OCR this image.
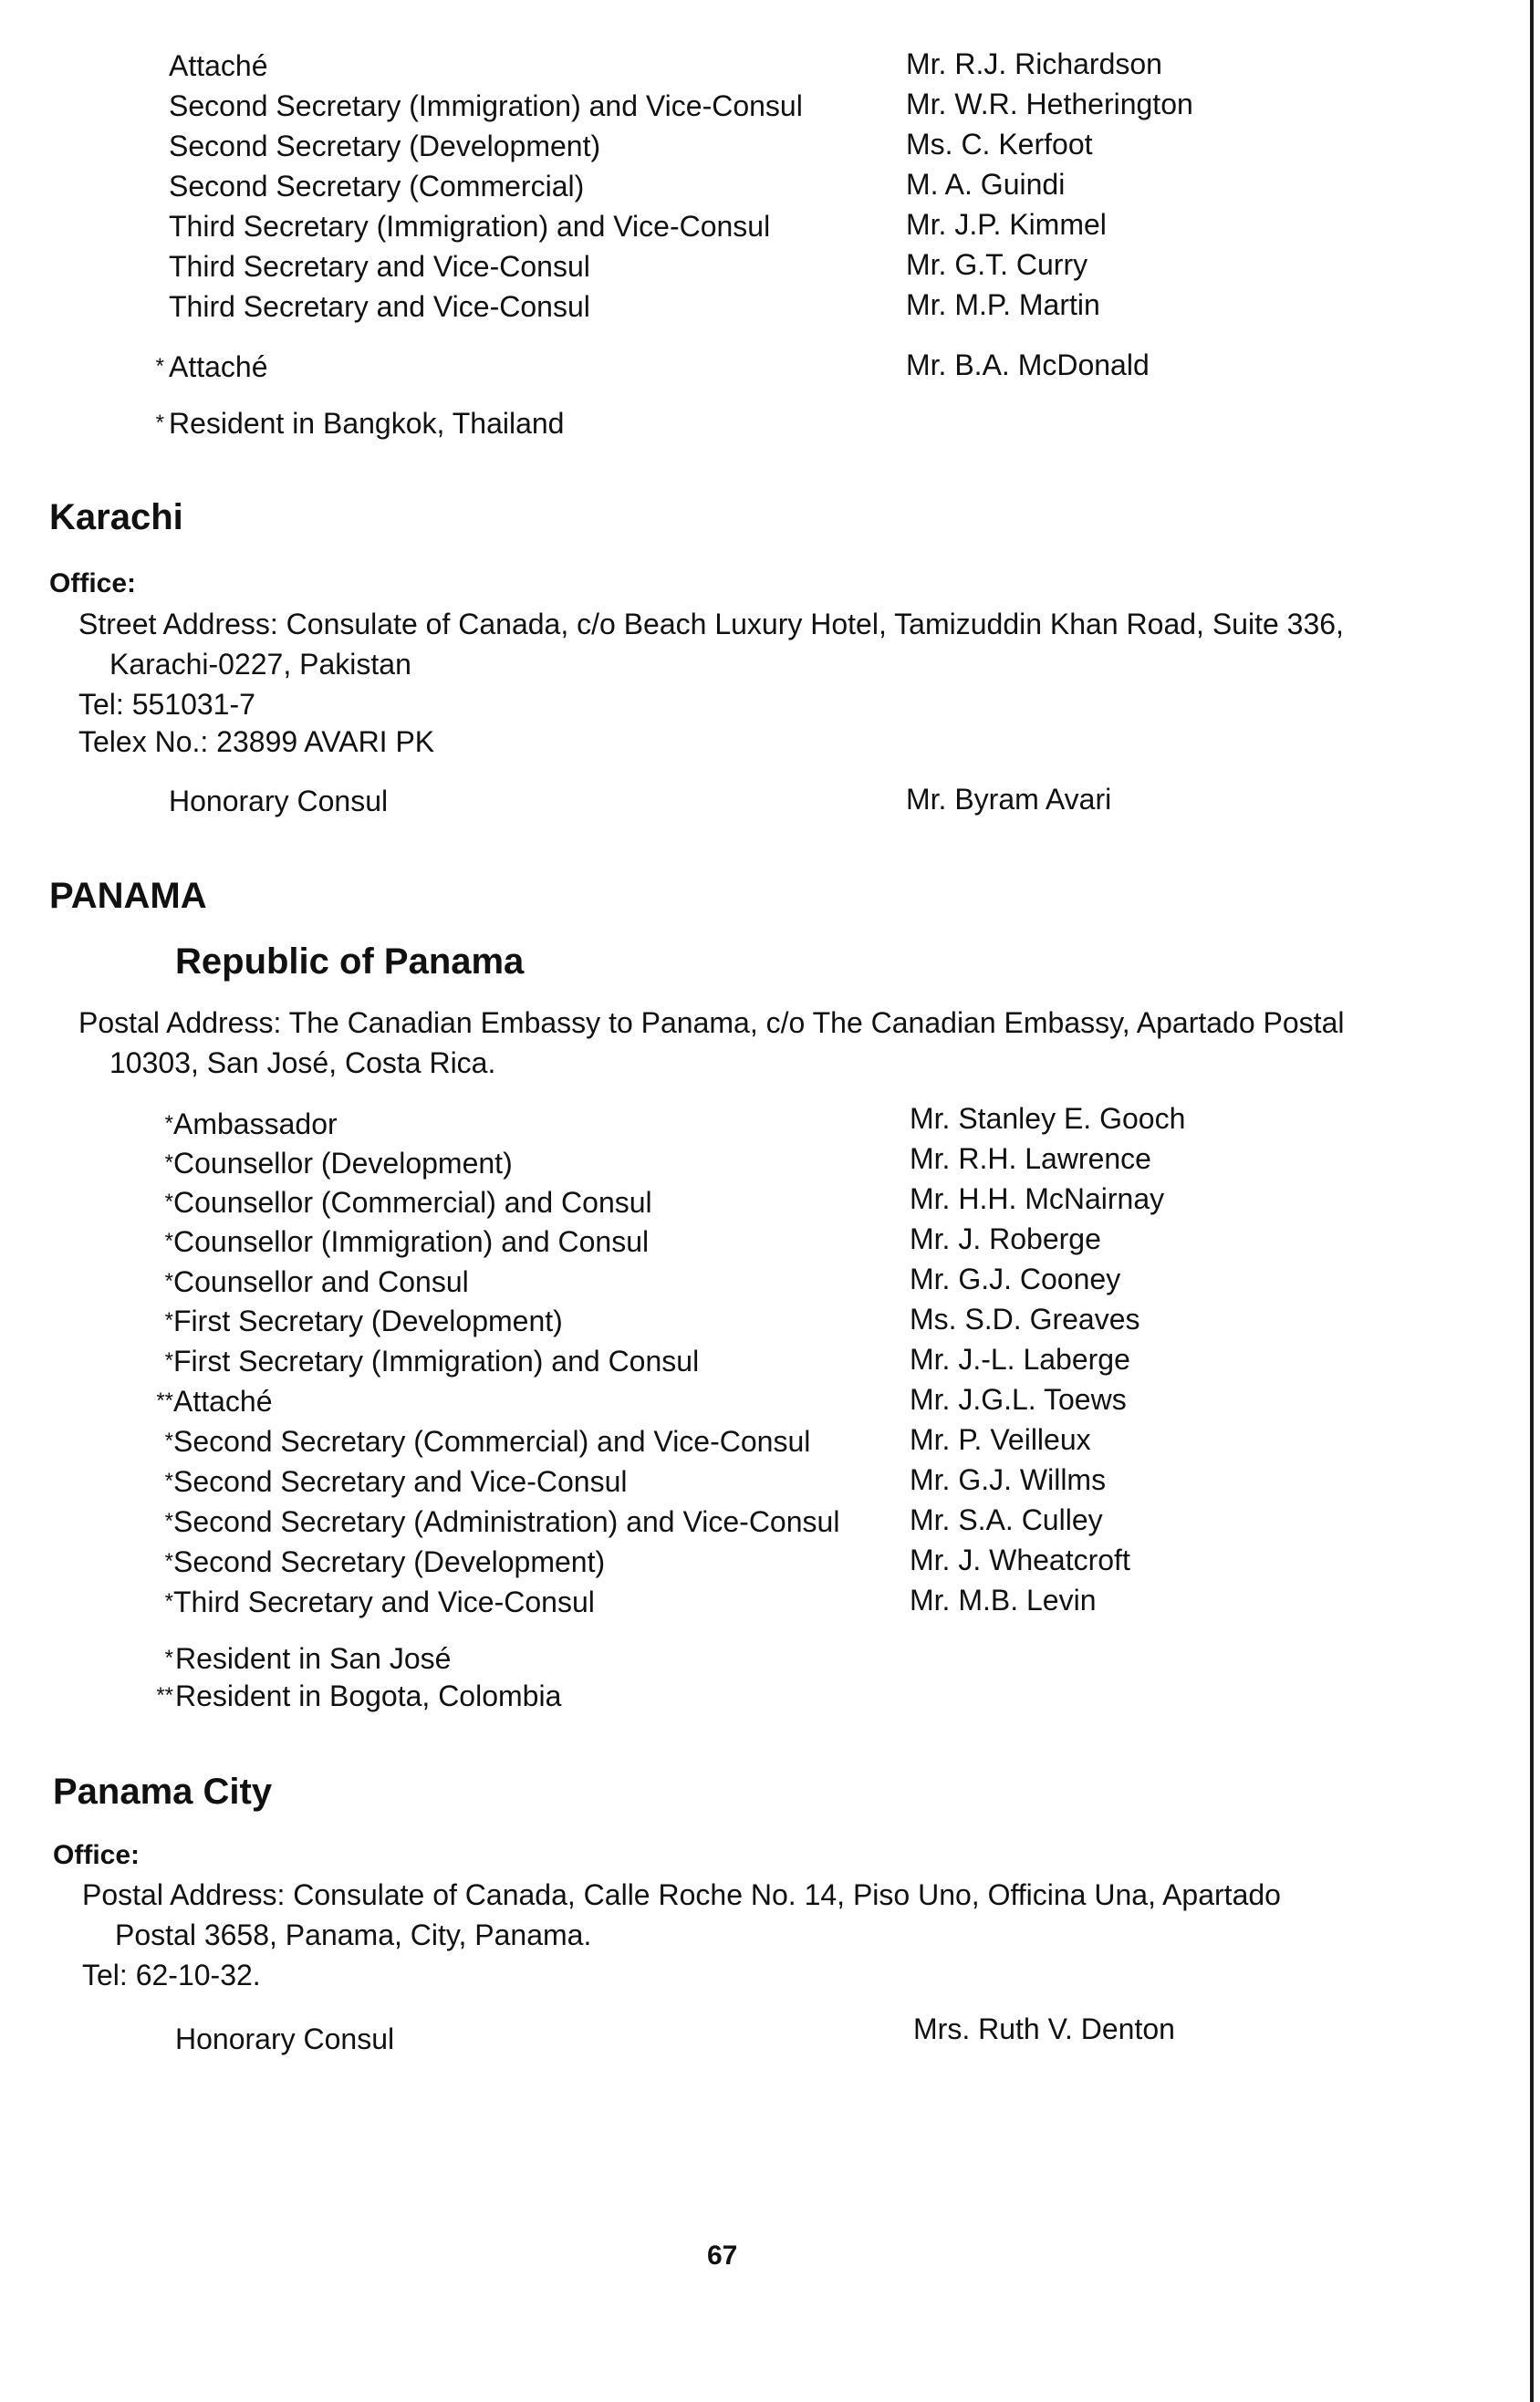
Attaché	Mr. R.J. Richardson
Second Secretary (Immigration) and Vice-Consul	Mr. W.R. Hetherington
Second Secretary (Development)	Ms. C. Kerfoot
Second Secretary (Commercial)	M. A. Guindi
Third Secretary (Immigration) and Vice-Consul	Mr. J.P. Kimmel
Third Secretary and Vice-Consul	Mr. G.T. Curry
Third Secretary and Vice-Consul	Mr. M.P. Martin
* Attaché	Mr. B.A. McDonald
* Resident in Bangkok, Thailand
Karachi
Office:
Street Address: Consulate of Canada, c/o Beach Luxury Hotel, Tamizuddin Khan Road, Suite 336,
Karachi-0227, Pakistan
Tel: 551031-7
Telex No.: 23899 AVARI PK
Honorary Consul	Mr. Byram Avari
PANAMA
Republic of Panama
Postal Address: The Canadian Embassy to Panama, c/o The Canadian Embassy, Apartado Postal
10303, San José, Costa Rica.
* Ambassador	Mr. Stanley E. Gooch
* Counsellor (Development)	Mr. R.H. Lawrence
* Counsellor (Commercial) and Consul	Mr. H.H. McNairnay
* Counsellor (Immigration) and Consul	Mr. J. Roberge
* Counsellor and Consul	Mr. G.J. Cooney
* First Secretary (Development)	Ms. S.D. Greaves
* First Secretary (Immigration) and Consul	Mr. J.-L. Laberge
** Attaché	Mr. J.G.L. Toews
* Second Secretary (Commercial) and Vice-Consul	Mr. P. Veilleux
* Second Secretary and Vice-Consul	Mr. G.J. Willms
* Second Secretary (Administration) and Vice-Consul Mr. S.A. Culley
* Second Secretary (Development)	Mr. J. Wheatcroft
* Third Secretary and Vice-Consul	Mr. M.B. Levin
* Resident in San José
** Resident in Bogota, Colombia
Panama City
Office:
Postal Address: Consulate of Canada, Calle Roche No. 14, Piso Uno, Officina Una, Apartado
Postal 3658, Panama, City, Panama.
Tel: 62-10-32.
Honorary Consul	Mrs. Ruth V. Denton
67
